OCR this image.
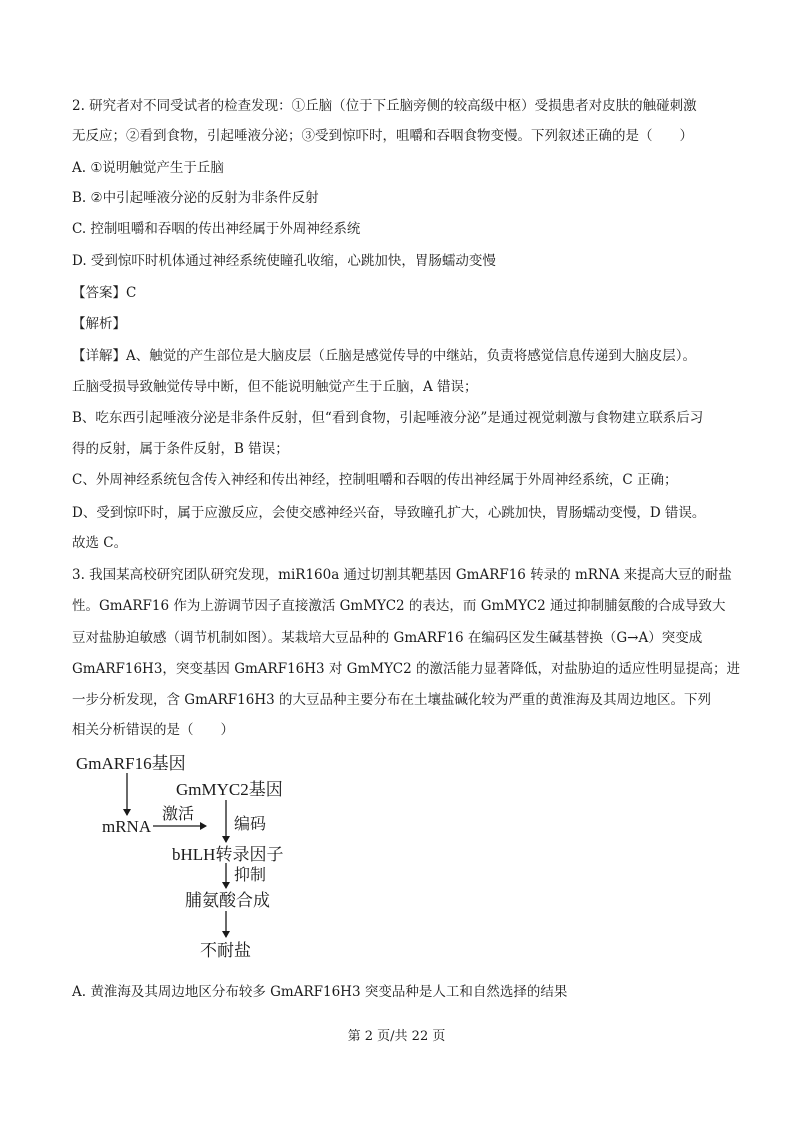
2. 研究者对不同受试者的检查发现：①丘脑（位于下丘脑旁侧的较高级中枢）受损患者对皮肤的触碰刺激
无反应；②看到食物，引起唾液分泌；③受到惊吓时，咀嚼和吞咽食物变慢。下列叙述正确的是（　　）
A. ①说明触觉产生于丘脑
B. ②中引起唾液分泌的反射为非条件反射
C. 控制咀嚼和吞咽的传出神经属于外周神经系统
D. 受到惊吓时机体通过神经系统使瞳孔收缩，心跳加快，胃肠蠕动变慢
【答案】C
【解析】
【详解】A、触觉的产生部位是大脑皮层（丘脑是感觉传导的中继站，负责将感觉信息传递到大脑皮层）。
丘脑受损导致触觉传导中断，但不能说明触觉产生于丘脑，A 错误；
B、吃东西引起唾液分泌是非条件反射，但“看到食物，引起唾液分泌”是通过视觉刺激与食物建立联系后习
得的反射，属于条件反射，B 错误；
C、外周神经系统包含传入神经和传出神经，控制咀嚼和吞咽的传出神经属于外周神经系统，C 正确；
D、受到惊吓时，属于应激反应，会使交感神经兴奋，导致瞳孔扩大，心跳加快，胃肠蠕动变慢，D 错误。
故选 C。
3. 我国某高校研究团队研究发现，miR160a 通过切割其靶基因 GmARF16 转录的 mRNA 来提高大豆的耐盐
性。GmARF16 作为上游调节因子直接激活 GmMYC2 的表达，而 GmMYC2 通过抑制脯氨酸的合成导致大
豆对盐胁迫敏感（调节机制如图）。某栽培大豆品种的 GmARF16 在编码区发生碱基替换（G→A）突变成
GmARF16H3，突变基因 GmARF16H3 对 GmMYC2 的激活能力显著降低，对盐胁迫的适应性明显提高；进
一步分析发现，含 GmARF16H3 的大豆品种主要分布在土壤盐碱化较为严重的黄淮海及其周边地区。下列
相关分析错误的是（　　）
GmARF16基因
GmMYC2基因
激活
mRNA	编码
bHLH转录因子
抑制
脯氨酸合成
不耐盐
A. 黄淮海及其周边地区分布较多 GmARF16H3 突变品种是人工和自然选择的结果
第 2 页/共 22 页
